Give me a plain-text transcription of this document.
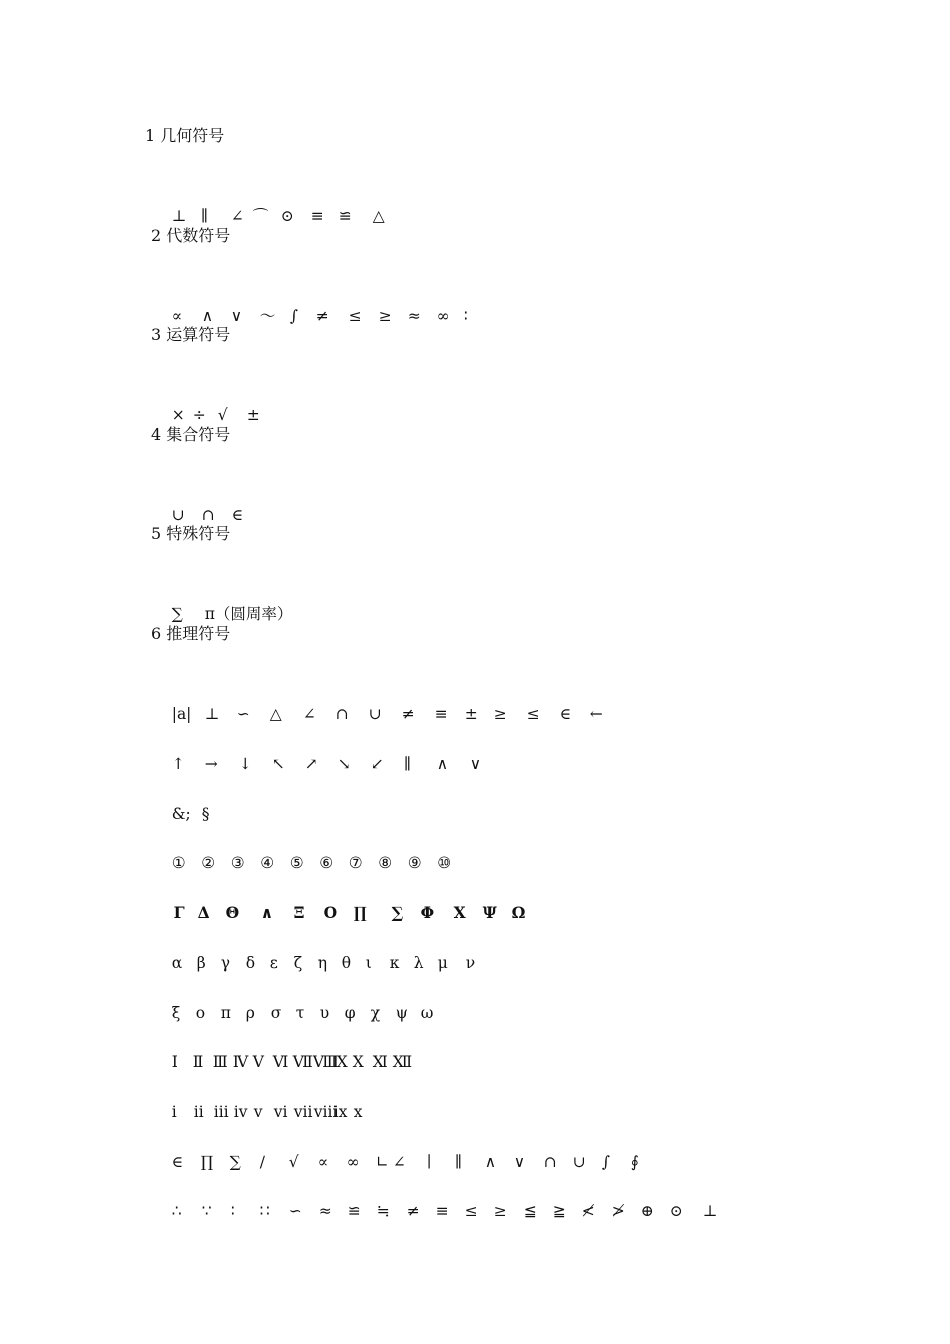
1 几何符号

⊥ ∥ ∠ ⌒ ⊙ ≡ ≌ △

2 代数符号

∝ ∧ ∨ ～ ∫ ≠ ≤ ≥ ≈ ∞ ∶

3 运算符号

× ÷ √ ±

4 集合符号

∪ ∩ ∈

5 特殊符号

∑ π（圆周率）

6 推理符号

|a| ⊥ ∽ △ ∠ ∩ ∪ ≠ ≡ ± ≥ ≤ ∈ ←

↑ → ↓ ↖ ↗ ↘ ↙ ∥ ∧ ∨

&; §

① ② ③ ④ ⑤ ⑥ ⑦ ⑧ ⑨ ⑩

Γ Δ Θ ∧ Ξ Ο ∏ ∑ Φ Χ Ψ Ω

α β γ δ ε ζ η θ ι κ λ μ ν

ξ ο π ρ σ τ υ φ χ ψ ω

Ⅰ Ⅱ Ⅲ Ⅳ Ⅴ Ⅵ ⅦⅧⅨ Ⅹ Ⅺ Ⅻ

ⅰ ⅱ ⅲ ⅳ ⅴ ⅵ ⅶⅷⅸ ⅹ

∈ ∏ ∑ ∕ √ ∝ ∞ ∟ ∠ ∣ ∥ ∧ ∨ ∩ ∪ ∫ ∮

∴ ∵ ∶ ∷ ∽ ≈ ≌ ≒ ≠ ≡ ≤ ≥ ≦ ≧ ≮ ≯ ⊕ ⊙ ⊥
